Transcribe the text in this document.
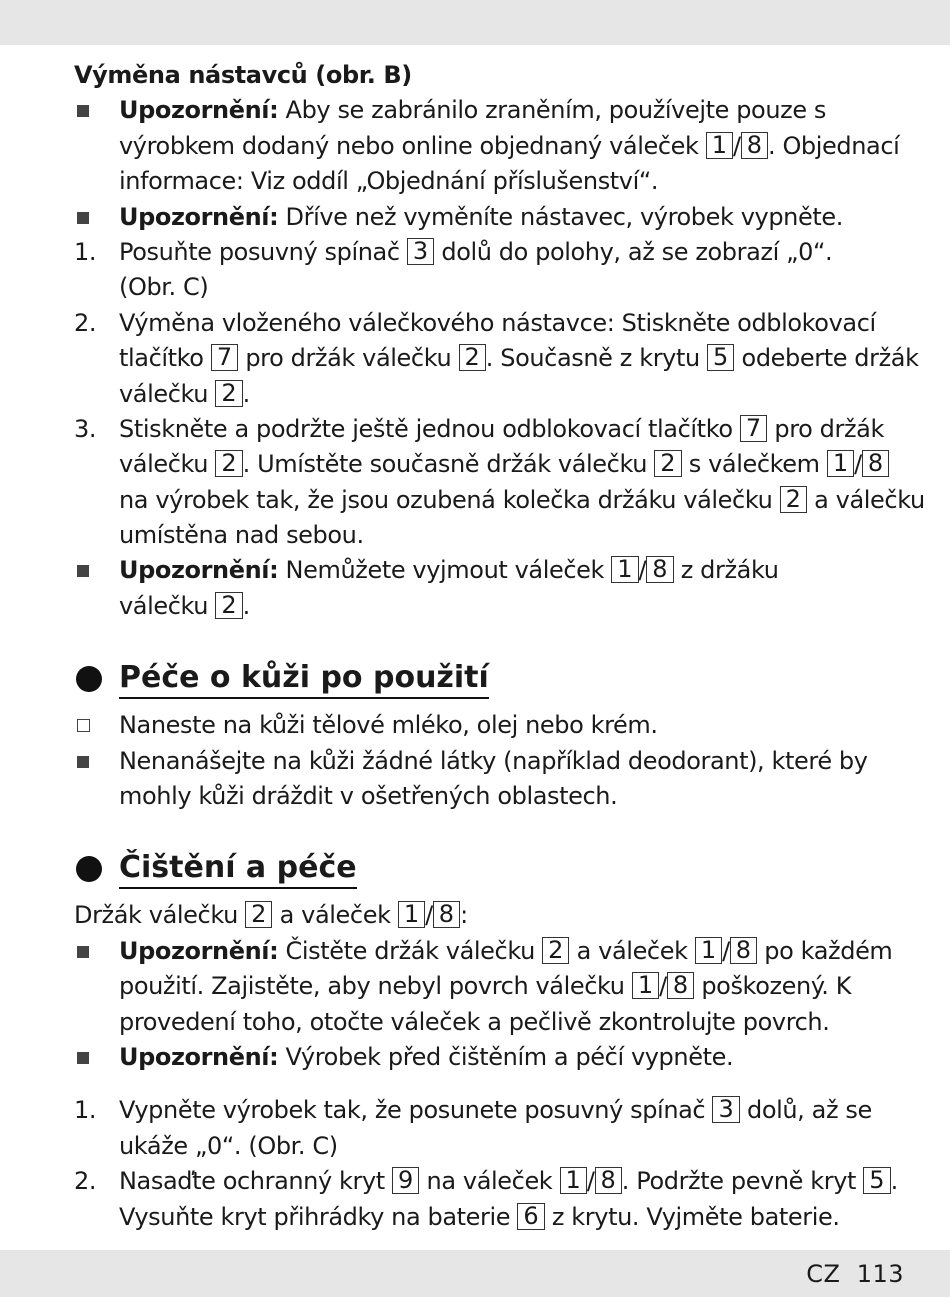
Výměna nástavců (obr. B)
Upozornění: Aby se zabránilo zraněním, používejte pouze s
výrobkem dodaný nebo online objednaný váleček 1 / 8 . Objednací
informace: Viz oddíl „Objednání příslušenství“.
Upozornění: Dříve než vyměníte nástavec, výrobek vypněte.
1. Posuňte posuvný spínač 3 dolů do polohy, až se zobrazí „0“.
(Obr. C)
2. Výměna vloženého válečkového nástavce: Stiskněte odblokovací
tlačítko 7 pro držák válečku 2 . Současně z krytu 5 odeberte držák
válečku 2 .
3. Stiskněte a podržte ještě jednou odblokovací tlačítko 7 pro držák
válečku 2 . Umístěte současně držák válečku 2 s válečkem 1 / 8
na výrobek tak, že jsou ozubená kolečka držáku válečku 2 a válečku
umístěna nad sebou.
Upozornění: Nemůžete vyjmout váleček 1 / 8 z držáku
válečku 2 .
Péče o kůži po použití
Naneste na kůži tělové mléko, olej nebo krém.
Nenanášejte na kůži žádné látky (například deodorant), které by
mohly kůži dráždit v ošetřených oblastech.
Čištění a péče
Držák válečku 2 a váleček 1 / 8 :
Upozornění: Čistěte držák válečku 2 a váleček 1 / 8 po každém
použití. Zajistěte, aby nebyl povrch válečku 1 / 8 poškozený. K
provedení toho, otočte váleček a pečlivě zkontrolujte povrch.
Upozornění: Výrobek před čištěním a péčí vypněte.
1. Vypněte výrobek tak, že posunete posuvný spínač 3 dolů, až se
ukáže „0“. (Obr. C)
2. Nasaďte ochranný kryt 9 na váleček 1 / 8 . Podržte pevně kryt 5 .
Vysuňte kryt přihrádky na baterie 6 z krytu. Vyjměte baterie.
CZ 113
